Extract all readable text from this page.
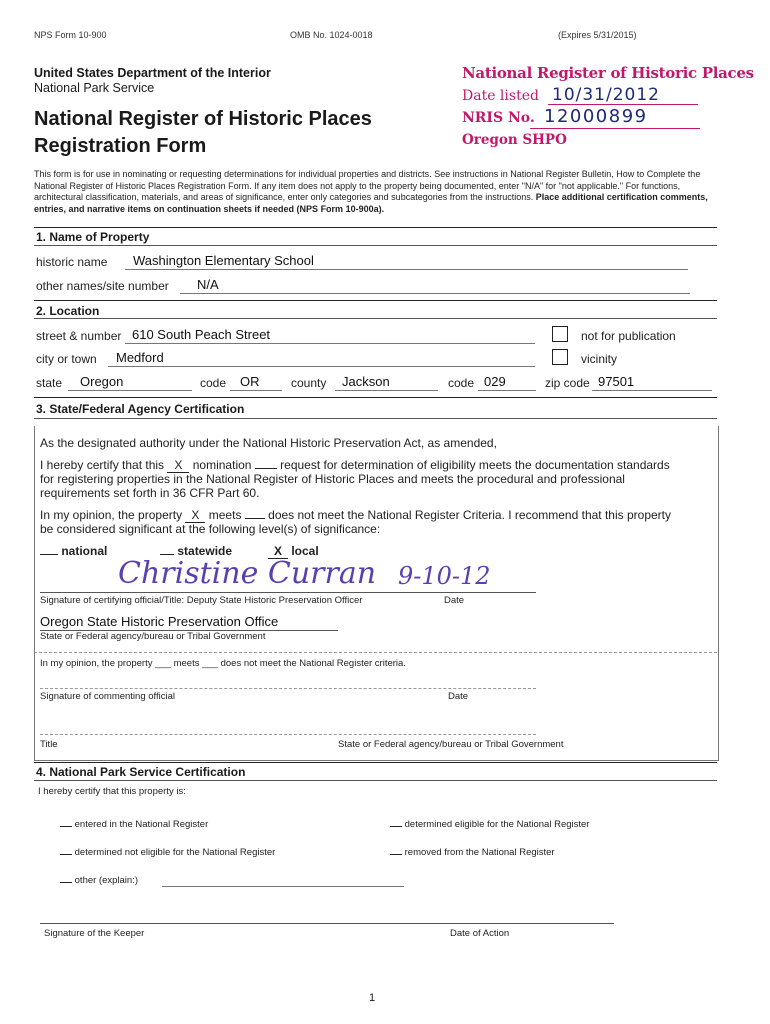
NPS Form 10-900	OMB No. 1024-0018	(Expires 5/31/2015)
United States Department of the Interior
National Park Service
National Register of Historic Places
Registration Form
National Register of Historic Places
Date listed 10/31/2012
NRIS No. 12000899
Oregon SHPO
This form is for use in nominating or requesting determinations for individual properties and districts. See instructions in National Register Bulletin, How to Complete the National Register of Historic Places Registration Form. If any item does not apply to the property being documented, enter "N/A" for "not applicable." For functions, architectural classification, materials, and areas of significance, enter only categories and subcategories from the instructions. Place additional certification comments, entries, and narrative items on continuation sheets if needed (NPS Form 10-900a).
1. Name of Property
historic name Washington Elementary School
other names/site number N/A
2. Location
street & number 610 South Peach Street	not for publication
city or town Medford	vicinity
state Oregon	code OR	county Jackson	code 029	zip code 97501
3. State/Federal Agency Certification
As the designated authority under the National Historic Preservation Act, as amended,
I hereby certify that this X nomination request for determination of eligibility meets the documentation standards
for registering properties in the National Register of Historic Places and meets the procedural and professional
requirements set forth in 36 CFR Part 60.
In my opinion, the property X meets does not meet the National Register Criteria. I recommend that this property
be considered significant at the following level(s) of significance:
national	statewide	X local
Christine Curran 9-10-12
Signature of certifying official/Title: Deputy State Historic Preservation Officer	Date
Oregon State Historic Preservation Office
State or Federal agency/bureau or Tribal Government
In my opinion, the property ___ meets ___ does not meet the National Register criteria.
Signature of commenting official	Date
Title	State or Federal agency/bureau or Tribal Government
4. National Park Service Certification
I hereby certify that this property is:
entered in the National Register	determined eligible for the National Register
determined not eligible for the National Register	removed from the National Register
other (explain:)
Signature of the Keeper	Date of Action
1
